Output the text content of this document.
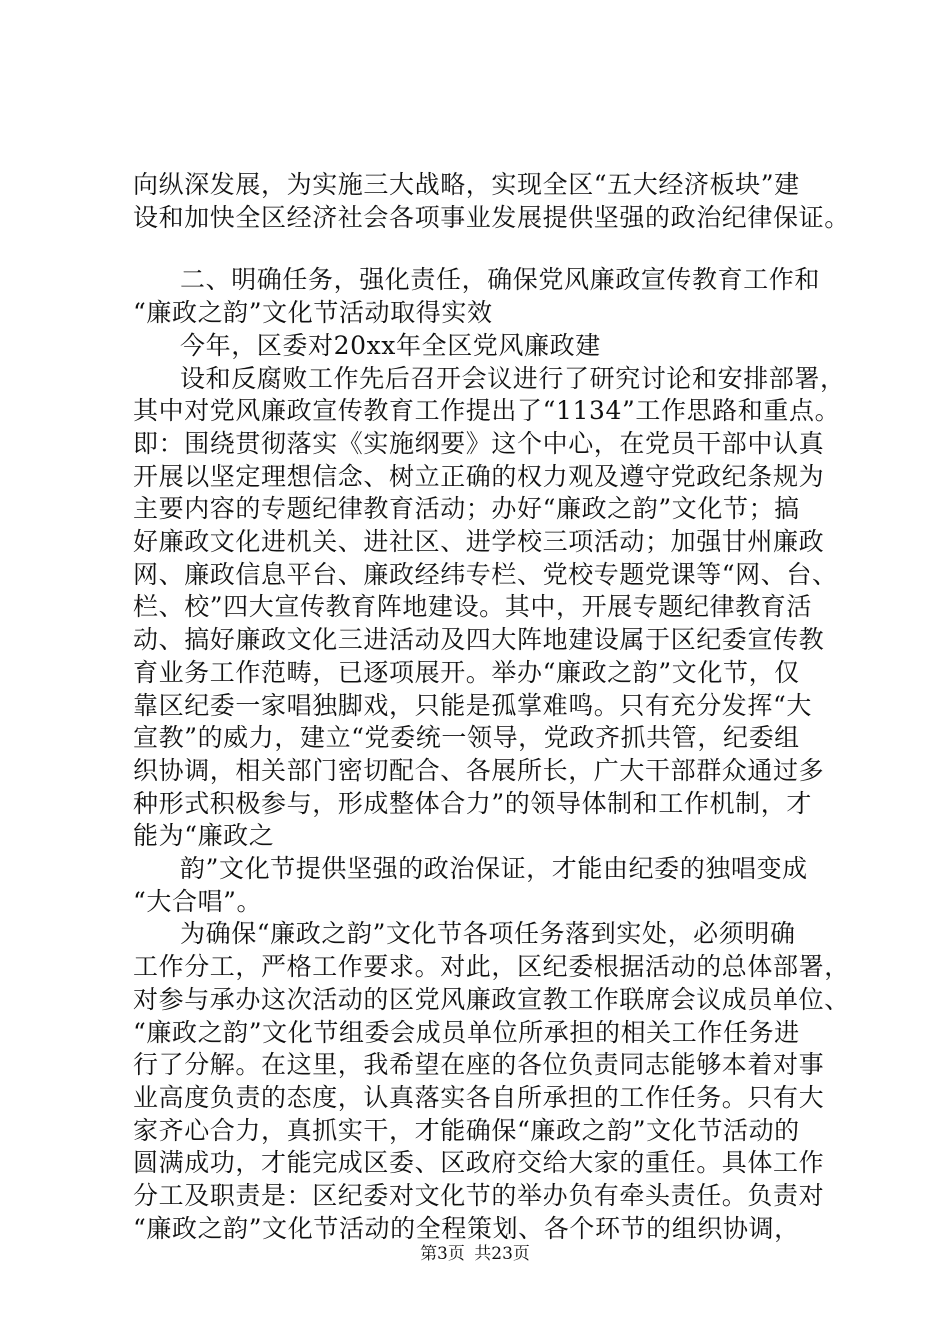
向纵深发展，为实施三大战略，实现全区“五大经济板块”建
设和加快全区经济社会各项事业发展提供坚强的政治纪律保证。
二、明确任务，强化责任，确保党风廉政宣传教育工作和
“廉政之韵”文化节活动取得实效
今年，区委对20xx年全区党风廉政建
设和反腐败工作先后召开会议进行了研究讨论和安排部署，
其中对党风廉政宣传教育工作提出了“1134”工作思路和重点。
即：围绕贯彻落实《实施纲要》这个中心，在党员干部中认真
开展以坚定理想信念、树立正确的权力观及遵守党政纪条规为
主要内容的专题纪律教育活动；办好“廉政之韵”文化节；搞
好廉政文化进机关、进社区、进学校三项活动；加强甘州廉政
网、廉政信息平台、廉政经纬专栏、党校专题党课等“网、台、
栏、校”四大宣传教育阵地建设。其中，开展专题纪律教育活
动、搞好廉政文化三进活动及四大阵地建设属于区纪委宣传教
育业务工作范畴，已逐项展开。举办“廉政之韵”文化节，仅
靠区纪委一家唱独脚戏，只能是孤掌难鸣。只有充分发挥“大
宣教”的威力，建立“党委统一领导，党政齐抓共管，纪委组
织协调，相关部门密切配合、各展所长，广大干部群众通过多
种形式积极参与，形成整体合力”的领导体制和工作机制，才
能为“廉政之
韵”文化节提供坚强的政治保证，才能由纪委的独唱变成
“大合唱”。
为确保“廉政之韵”文化节各项任务落到实处，必须明确
工作分工，严格工作要求。对此，区纪委根据活动的总体部署，
对参与承办这次活动的区党风廉政宣教工作联席会议成员单位、
“廉政之韵”文化节组委会成员单位所承担的相关工作任务进
行了分解。在这里，我希望在座的各位负责同志能够本着对事
业高度负责的态度，认真落实各自所承担的工作任务。只有大
家齐心合力，真抓实干，才能确保“廉政之韵”文化节活动的
圆满成功，才能完成区委、区政府交给大家的重任。具体工作
分工及职责是：区纪委对文化节的举办负有牵头责任。负责对
“廉政之韵”文化节活动的全程策划、各个环节的组织协调，
第3页 共23页
